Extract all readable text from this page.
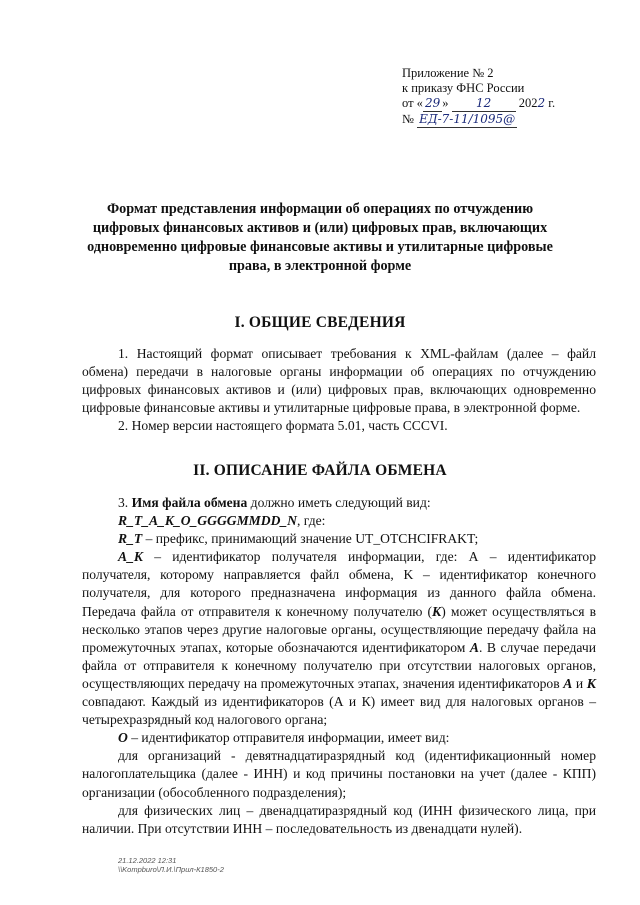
Приложение № 2
к приказу ФНС России
от « 29 » 12 2022 г.
№ ЕД-7-11/1095@
Формат представления информации об операциях по отчуждению цифровых финансовых активов и (или) цифровых прав, включающих одновременно цифровые финансовые активы и утилитарные цифровые права, в электронной форме
I. ОБЩИЕ СВЕДЕНИЯ

1. Настоящий формат описывает требования к XML-файлам (далее – файл обмена) передачи в налоговые органы информации об операциях по отчуждению цифровых финансовых активов и (или) цифровых прав, включающих одновременно цифровые финансовые активы и утилитарные цифровые права, в электронной форме.

2. Номер версии настоящего формата 5.01, часть CCCVI.

II. ОПИСАНИЕ ФАЙЛА ОБМЕНА

3. Имя файла обмена должно иметь следующий вид:

R_T_A_K_O_GGGGMMDD_N, где:

R_T – префикс, принимающий значение UT_OTCHCIFRAKT;

A_K – идентификатор получателя информации, где: А – идентификатор получателя, которому направляется файл обмена, K – идентификатор конечного получателя, для которого предназначена информация из данного файла обмена. Передача файла от отправителя к конечному получателю (К) может осуществляться в несколько этапов через другие налоговые органы, осуществляющие передачу файла на промежуточных этапах, которые обозначаются идентификатором А. В случае передачи файла от отправителя к конечному получателю при отсутствии налоговых органов, осуществляющих передачу на промежуточных этапах, значения идентификаторов А и К совпадают. Каждый из идентификаторов (А и К) имеет вид для налоговых органов – четырехразрядный код налогового органа;

О – идентификатор отправителя информации, имеет вид:

для организаций - девятнадцатиразрядный код (идентификационный номер налогоплательщика (далее - ИНН) и код причины постановки на учет (далее - КПП) организации (обособленного подразделения);

для физических лиц – двенадцатиразрядный код (ИНН физического лица, при наличии. При отсутствии ИНН – последовательность из двенадцати нулей).

21.12.2022 12:31
\\Kompburo\Л.И.\Прил-К1850-2
